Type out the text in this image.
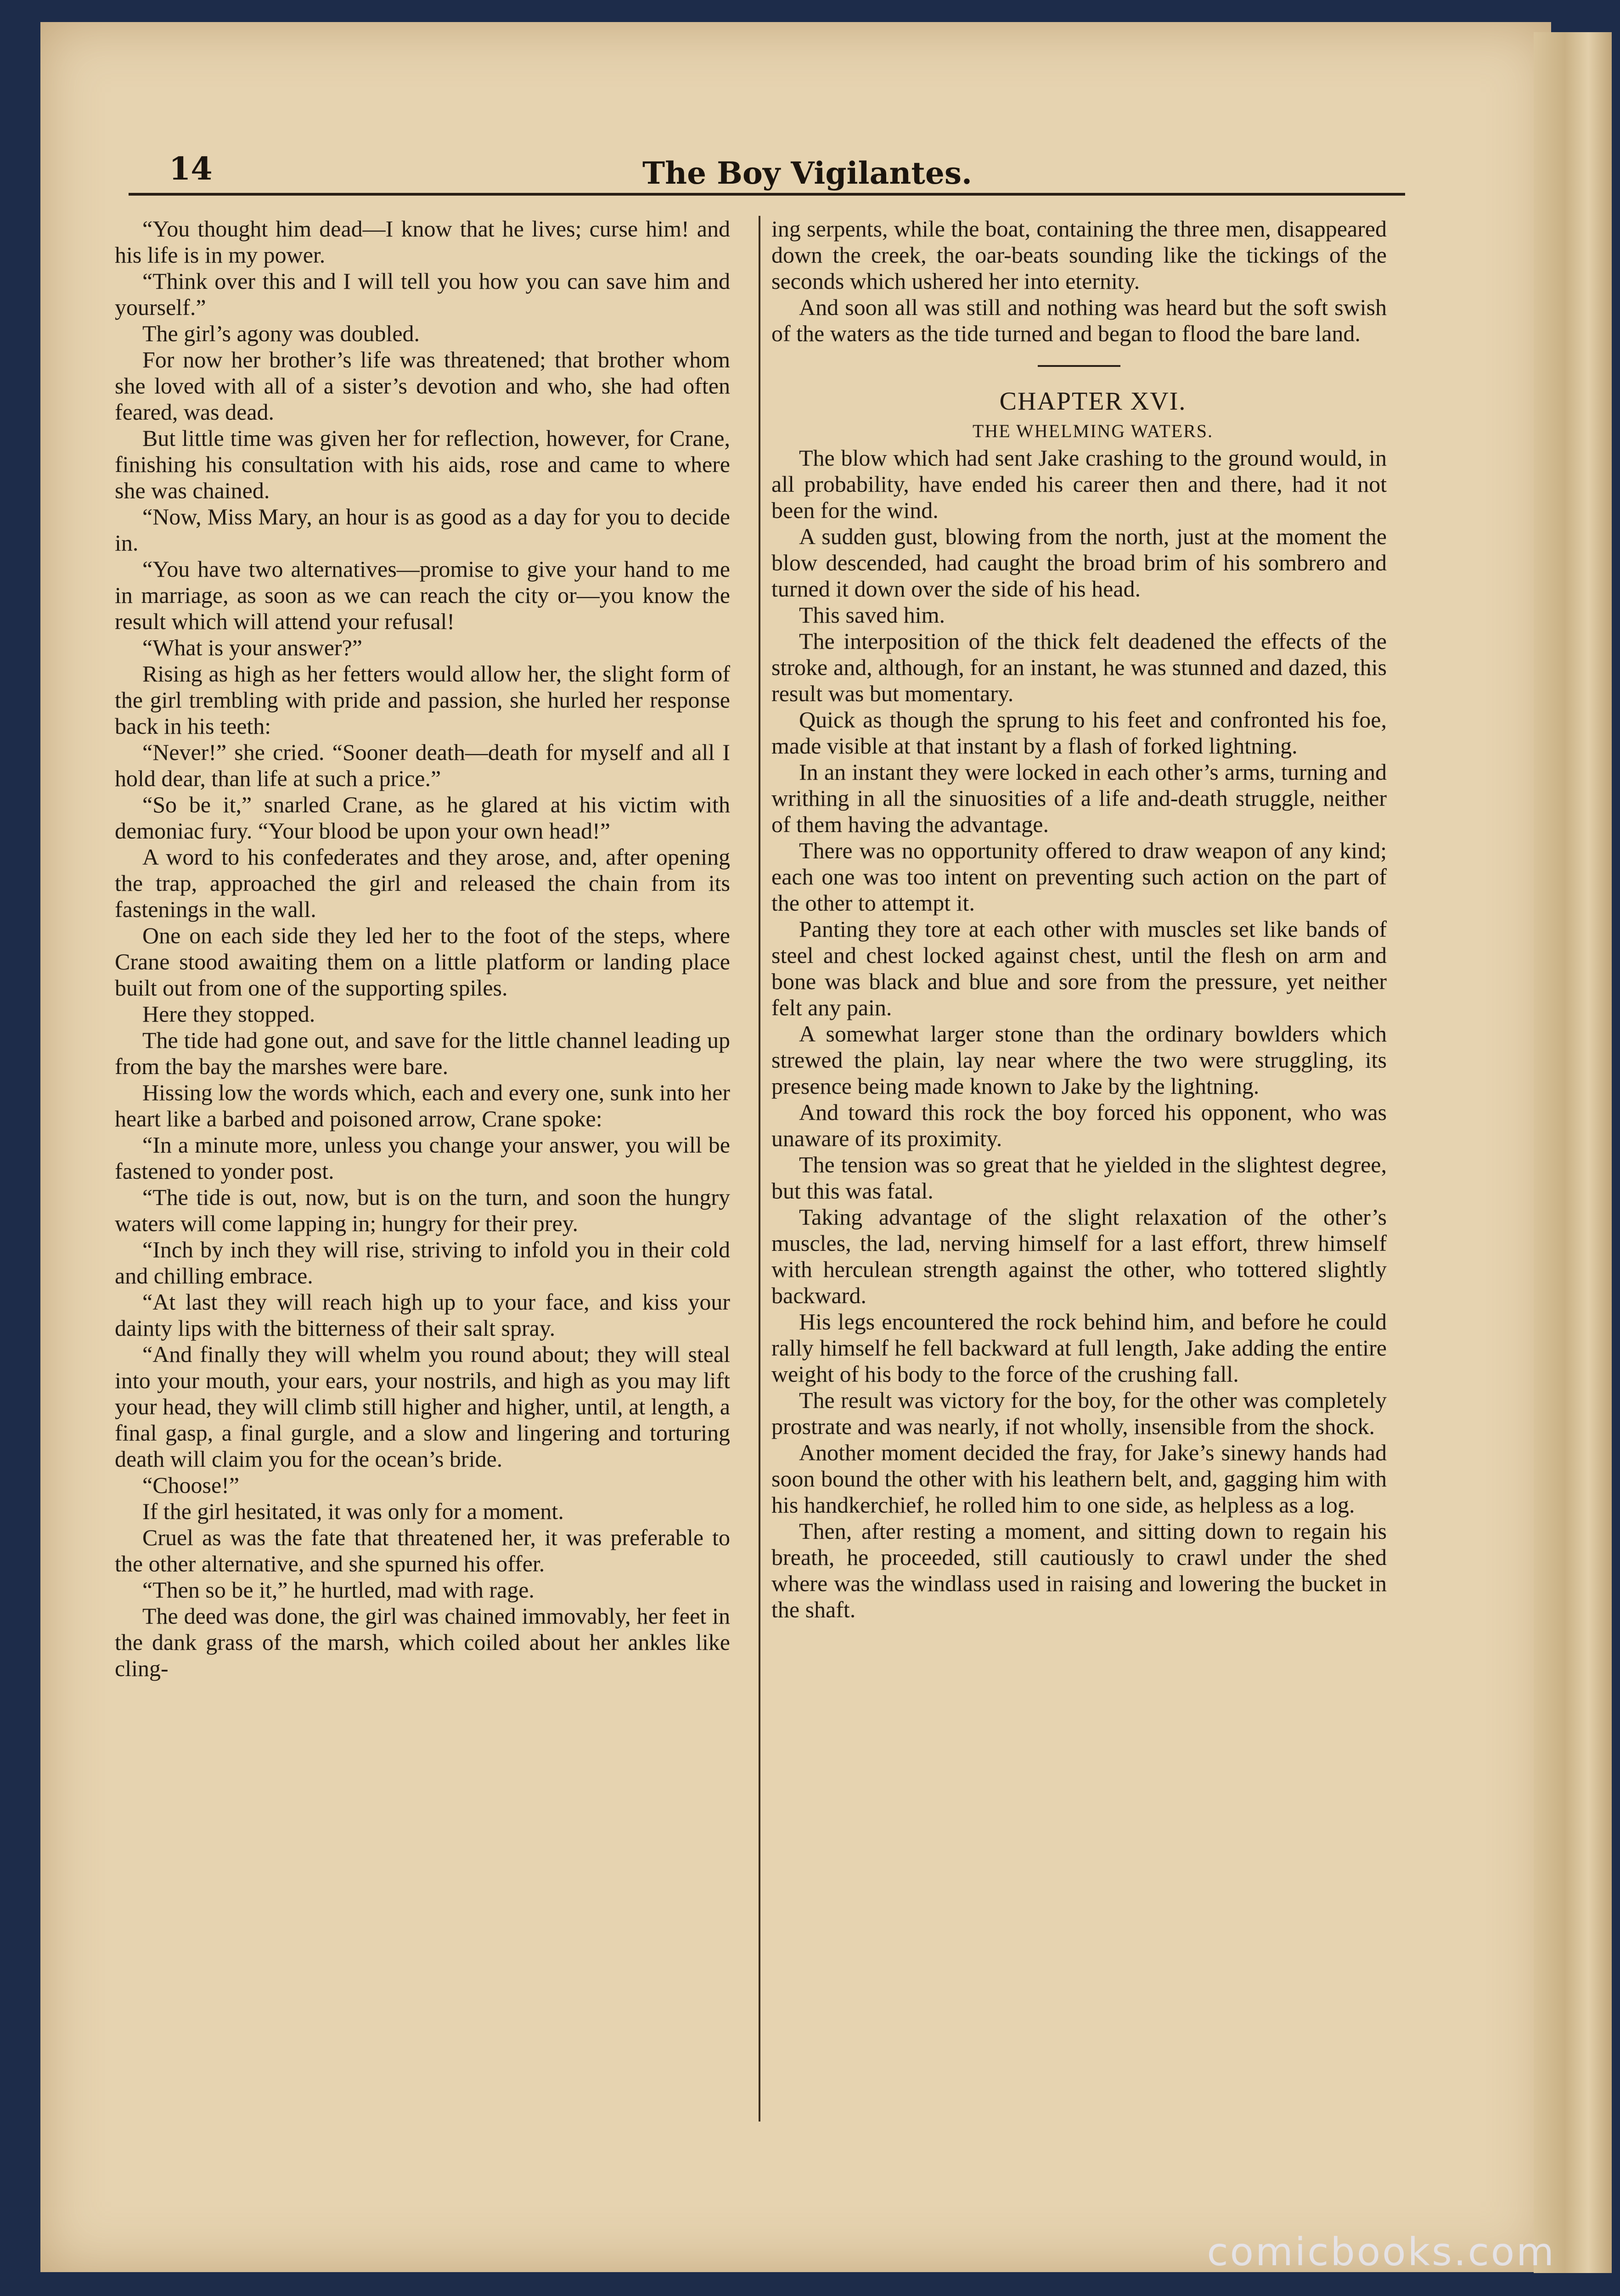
14	The Boy Vigilantes.

“You thought him dead—I know that he lives; curse him! and his life is in my power.

“Think over this and I will tell you how you can save him and yourself.”

The girl’s agony was doubled.

For now her brother’s life was threatened; that brother whom she loved with all of a sister’s devotion and who, she had often feared, was dead.

But little time was given her for reflection, however, for Crane, finishing his consultation with his aids, rose and came to where she was chained.

“Now, Miss Mary, an hour is as good as a day for you to decide in.

“You have two alternatives—promise to give your hand to me in marriage, as soon as we can reach the city or—you know the result which will attend your refusal!

“What is your answer?”

Rising as high as her fetters would allow her, the slight form of the girl trembling with pride and passion, she hurled her response back in his teeth:

“Never!” she cried. “Sooner death—death for myself and all I hold dear, than life at such a price.”

“So be it,” snarled Crane, as he glared at his victim with demoniac fury. “Your blood be upon your own head!”

A word to his confederates and they arose, and, after opening the trap, approached the girl and released the chain from its fastenings in the wall.

One on each side they led her to the foot of the steps, where Crane stood awaiting them on a little platform or landing place built out from one of the supporting spiles.

Here they stopped.

The tide had gone out, and save for the little channel leading up from the bay the marshes were bare.

Hissing low the words which, each and every one, sunk into her heart like a barbed and poisoned arrow, Crane spoke:

“In a minute more, unless you change your answer, you will be fastened to yonder post.

“The tide is out, now, but is on the turn, and soon the hungry waters will come lapping in; hungry for their prey.

“Inch by inch they will rise, striving to infold you in their cold and chilling embrace.

“At last they will reach high up to your face, and kiss your dainty lips with the bitterness of their salt spray.

“And finally they will whelm you round about; they will steal into your mouth, your ears, your nostrils, and high as you may lift your head, they will climb still higher and higher, until, at length, a final gasp, a final gurgle, and a slow and lingering and torturing death will claim you for the ocean’s bride.

“Choose!”

If the girl hesitated, it was only for a moment.

Cruel as was the fate that threatened her, it was preferable to the other alternative, and she spurned his offer.

“Then so be it,” he hurtled, mad with rage.

The deed was done, the girl was chained immovably, her feet in the dank grass of the marsh, which coiled about her ankles like cling-

ing serpents, while the boat, containing the three men, disappeared down the creek, the oar-beats sounding like the tickings of the seconds which ushered her into eternity.

And soon all was still and nothing was heard but the soft swish of the waters as the tide turned and began to flood the bare land.

CHAPTER XVI.

THE WHELMING WATERS.

The blow which had sent Jake crashing to the ground would, in all probability, have ended his career then and there, had it not been for the wind.

A sudden gust, blowing from the north, just at the moment the blow descended, had caught the broad brim of his sombrero and turned it down over the side of his head.

This saved him.

The interposition of the thick felt deadened the effects of the stroke and, although, for an instant, he was stunned and dazed, this result was but momentary.

Quick as though the sprung to his feet and confronted his foe, made visible at that instant by a flash of forked lightning.

In an instant they were locked in each other’s arms, turning and writhing in all the sinuosities of a life and-death struggle, neither of them having the advantage.

There was no opportunity offered to draw weapon of any kind; each one was too intent on preventing such action on the part of the other to attempt it.

Panting they tore at each other with muscles set like bands of steel and chest locked against chest, until the flesh on arm and bone was black and blue and sore from the pressure, yet neither felt any pain.

A somewhat larger stone than the ordinary bowlders which strewed the plain, lay near where the two were struggling, its presence being made known to Jake by the lightning.

And toward this rock the boy forced his opponent, who was unaware of its proximity.

The tension was so great that he yielded in the slightest degree, but this was fatal.

Taking advantage of the slight relaxation of the other’s muscles, the lad, nerving himself for a last effort, threw himself with herculean strength against the other, who tottered slightly backward.

His legs encountered the rock behind him, and before he could rally himself he fell backward at full length, Jake adding the entire weight of his body to the force of the crushing fall.

The result was victory for the boy, for the other was completely prostrate and was nearly, if not wholly, insensible from the shock.

Another moment decided the fray, for Jake’s sinewy hands had soon bound the other with his leathern belt, and, gagging him with his handkerchief, he rolled him to one side, as helpless as a log.

Then, after resting a moment, and sitting down to regain his breath, he proceeded, still cautiously to crawl under the shed where was the windlass used in raising and lowering the bucket in the shaft.

comicbooks.com
